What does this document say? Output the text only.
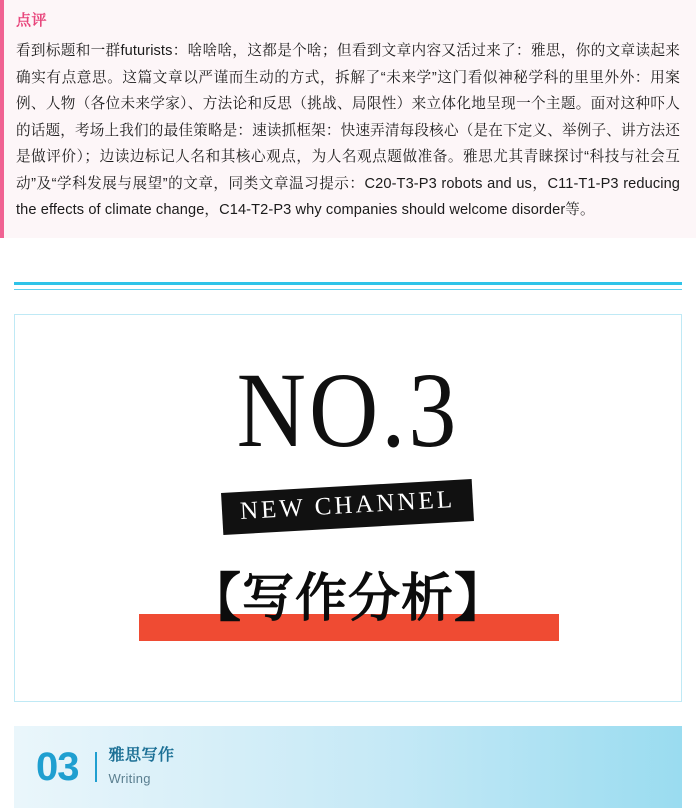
点评
看到标题和一群futurists：啥啥啥，这都是个啥；但看到文章内容又活过来了：雅思，你的文章读起来确实有点意思。这篇文章以严谨而生动的方式，拆解了“未来学”这门看似神秘学科的里里外外：用案例、人物（各位未来学家）、方法论和反思（挑战、局限性）来立体化地呈现一个主题。面对这种吓人的话题，考场上我们的最佳策略是：速读抓框架：快速弄清每段核心（是在下定义、举例子、讲方法还是做评价）；边读边标记人名和其核心观点，为人名观点题做准备。雅思尤其青睐探讨“科技与社会互动”及“学科发展与展望”的文章，同类文章温习提示：C20-T3-P3 robots and us，C11-T1-P3 reducing the effects of climate change，C14-T2-P3 why companies should welcome disorder等。
NO.3
NEW CHANNEL
【写作分析】
03 雅思写作
Writing
